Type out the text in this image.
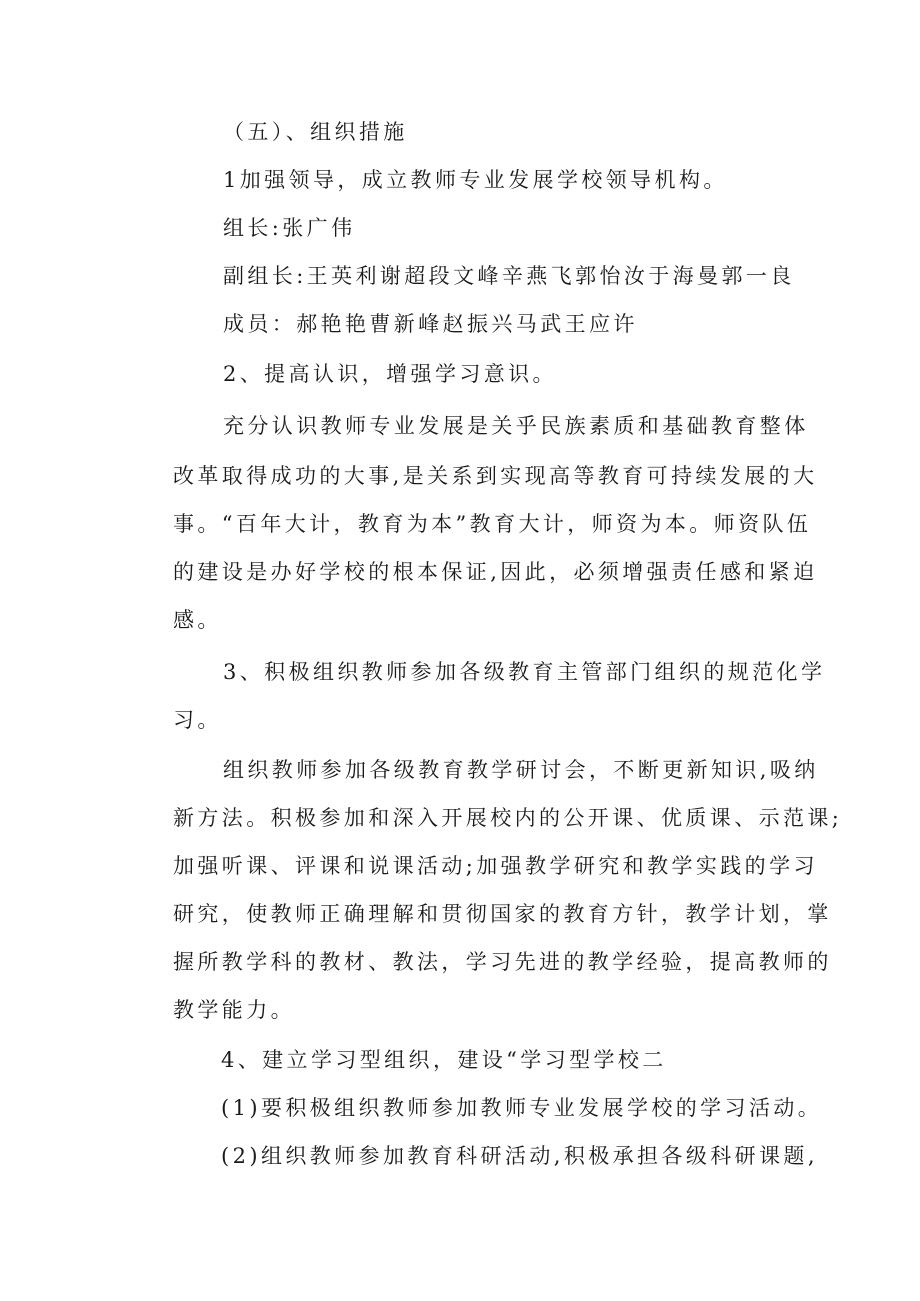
（五）、组织措施
1加强领导，成立教师专业发展学校领导机构。
组长:张广伟
副组长:王英利谢超段文峰辛燕飞郭怡汝于海曼郭一良
成员：郝艳艳曹新峰赵振兴马武王应许
2、提高认识，增强学习意识。
充分认识教师专业发展是关乎民族素质和基础教育整体
改革取得成功的大事,是关系到实现高等教育可持续发展的大
事。“百年大计，教育为本”教育大计，师资为本。师资队伍
的建设是办好学校的根本保证,因此，必须增强责任感和紧迫
感。
3、积极组织教师参加各级教育主管部门组织的规范化学
习。
组织教师参加各级教育教学研讨会，不断更新知识,吸纳
新方法。积极参加和深入开展校内的公开课、优质课、示范课;
加强听课、评课和说课活动;加强教学研究和教学实践的学习
研究，使教师正确理解和贯彻国家的教育方针，教学计划，掌
握所教学科的教材、教法，学习先进的教学经验，提高教师的
教学能力。
4、建立学习型组织，建设“学习型学校二
(1)要积极组织教师参加教师专业发展学校的学习活动。
(2)组织教师参加教育科研活动,积极承担各级科研课题,
